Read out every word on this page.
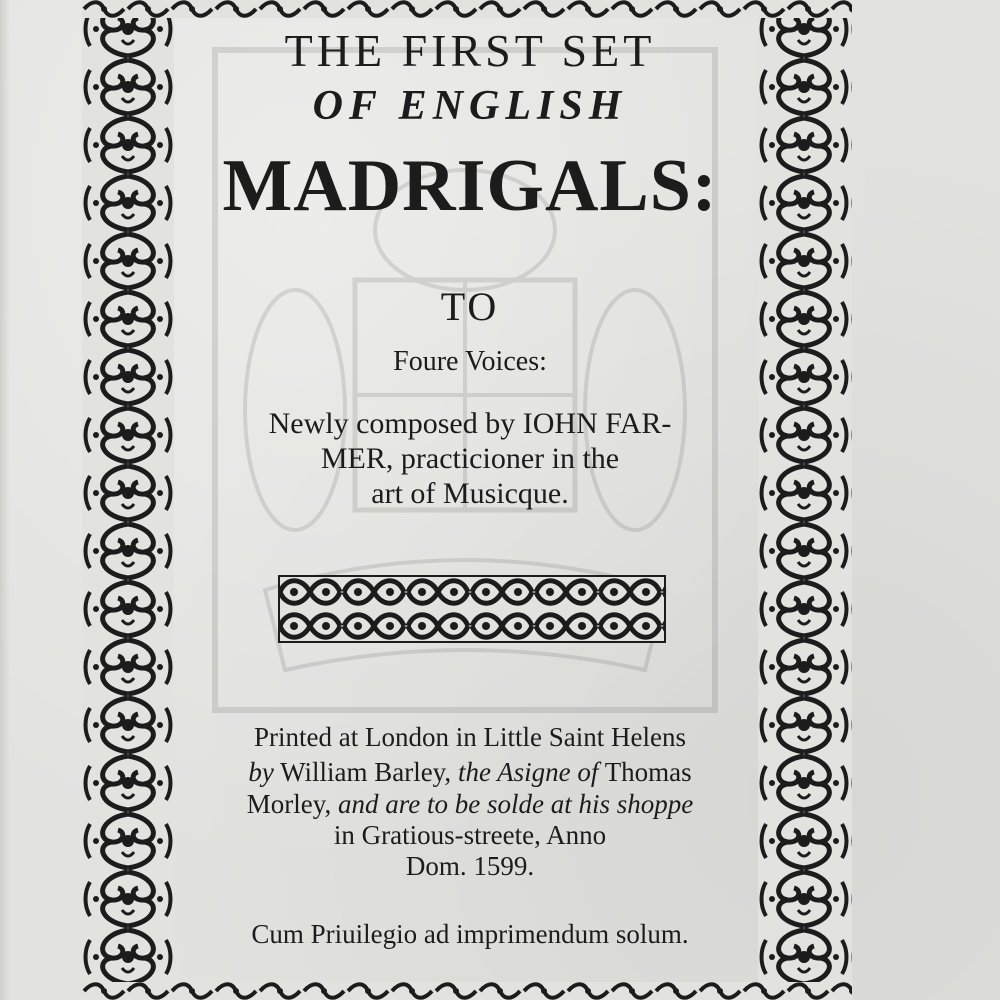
THE FIRST SET
OF ENGLISH
MADRIGALS:
TO
Foure Voices:

Newly composed by IOHN FAR-

MER, practicioner in the

art of Musicque.

Printed at London in Little Saint Helens

by William Barley, the Asigne of Thomas

Morley, and are to be solde at his shoppe

in Gratious-streete, Anno

Dom. 1599.

Cum Priuilegio ad imprimendum solum.
